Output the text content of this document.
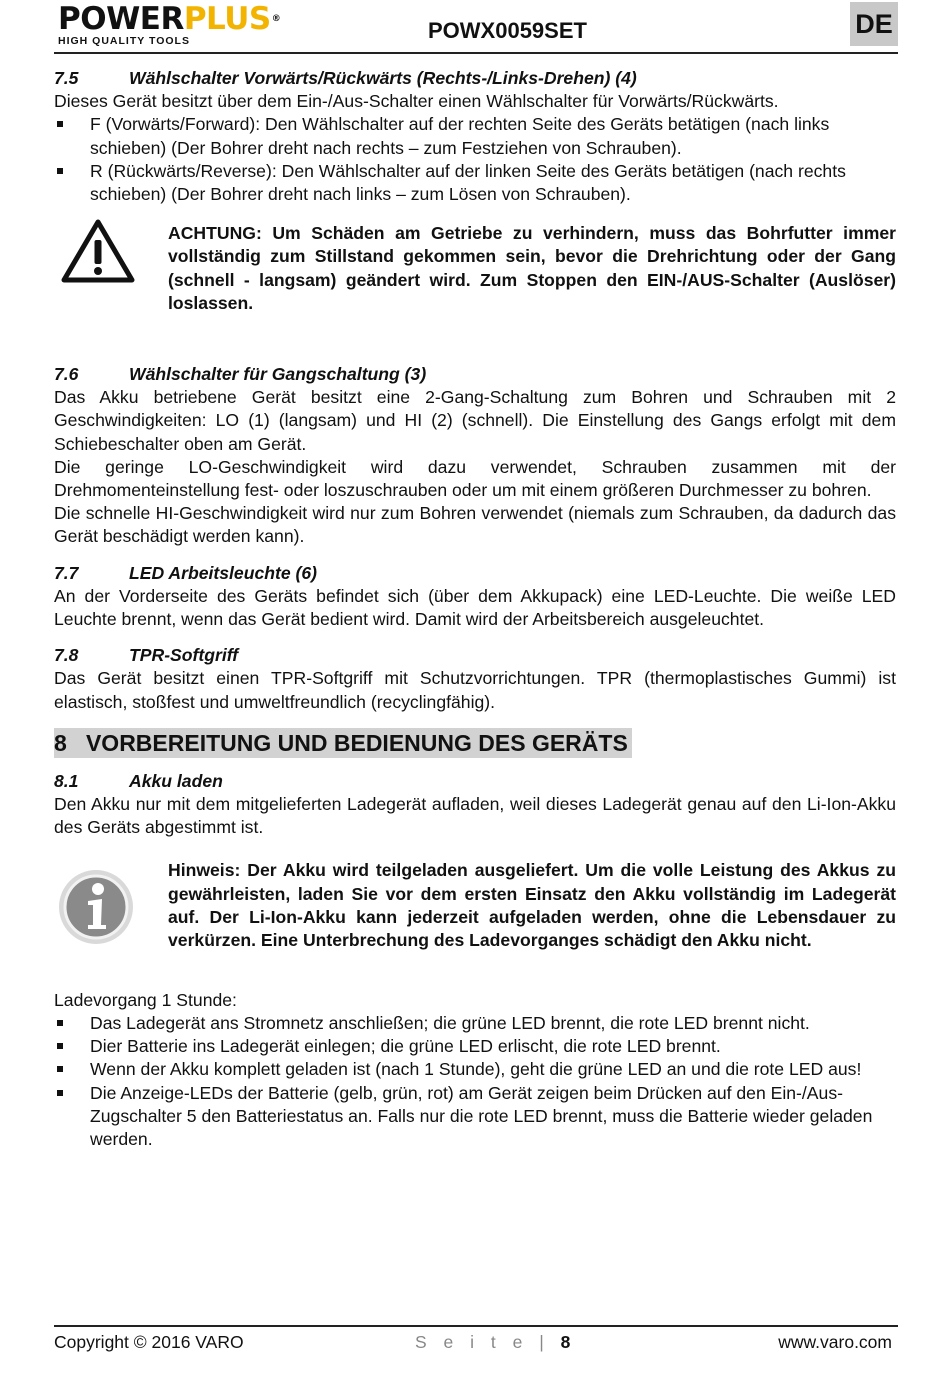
POWERPLUS®
HIGH QUALITY TOOLS	POWX0059SET	DE
7.5	Wählschalter Vorwärts/Rückwärts (Rechts-/Links-Drehen) (4)

Dieses Gerät besitzt über dem Ein-/Aus-Schalter einen Wählschalter für Vorwärts/Rückwärts.

F (Vorwärts/Forward): Den Wählschalter auf der rechten Seite des Geräts betätigen (nach links schieben) (Der Bohrer dreht nach rechts – zum Festziehen von Schrauben).
R (Rückwärts/Reverse): Den Wählschalter auf der linken Seite des Geräts betätigen (nach rechts schieben) (Der Bohrer dreht nach links – zum Lösen von Schrauben).
ACHTUNG: Um Schäden am Getriebe zu verhindern, muss das Bohrfutter immer vollständig zum Stillstand gekommen sein, bevor die Drehrichtung oder der Gang (schnell - langsam) geändert wird. Zum Stoppen den EIN-/AUS-Schalter (Auslöser) loslassen.
7.6	Wählschalter für Gangschaltung (3)

Das Akku betriebene Gerät besitzt eine 2-Gang-Schaltung zum Bohren und Schrauben mit 2 Geschwindigkeiten: LO (1) (langsam) und HI (2) (schnell). Die Einstellung des Gangs erfolgt mit dem Schiebeschalter oben am Gerät.

Die geringe LO-Geschwindigkeit wird dazu verwendet, Schrauben zusammen mit der Drehmomenteinstellung fest- oder loszuschrauben oder um mit einem größeren Durchmesser zu bohren.

Die schnelle HI-Geschwindigkeit wird nur zum Bohren verwendet (niemals zum Schrauben, da dadurch das Gerät beschädigt werden kann).

7.7	LED Arbeitsleuchte (6)

An der Vorderseite des Geräts befindet sich (über dem Akkupack) eine LED-Leuchte. Die weiße LED Leuchte brennt, wenn das Gerät bedient wird. Damit wird der Arbeitsbereich ausgeleuchtet.

7.8	TPR-Softgriff

Das Gerät besitzt einen TPR-Softgriff mit Schutzvorrichtungen. TPR (thermoplastisches Gummi) ist elastisch, stoßfest und umweltfreundlich (recyclingfähig).

8   VORBEREITUNG UND BEDIENUNG DES GERÄTS
8.1	Akku laden

Den Akku nur mit dem mitgelieferten Ladegerät aufladen, weil dieses Ladegerät genau auf den Li-Ion-Akku des Geräts abgestimmt ist.

Hinweis: Der Akku wird teilgeladen ausgeliefert. Um die volle Leistung des Akkus zu gewährleisten, laden Sie vor dem ersten Einsatz den Akku vollständig im Ladegerät auf. Der Li-Ion-Akku kann jederzeit aufgeladen werden, ohne die Lebensdauer zu verkürzen. Eine Unterbrechung des Ladevorganges schädigt den Akku nicht.

Ladevorgang 1 Stunde:

Das Ladegerät ans Stromnetz anschließen; die grüne LED brennt, die rote LED brennt nicht.
Dier Batterie ins Ladegerät einlegen; die grüne LED erlischt, die rote LED brennt.
Wenn der Akku komplett geladen ist (nach 1 Stunde), geht die grüne LED an und die rote LED aus!
Die Anzeige-LEDs der Batterie (gelb, grün, rot) am Gerät zeigen beim Drücken auf den Ein-/Aus-Zugschalter 5 den Batteriestatus an. Falls nur die rote LED brennt, muss die Batterie wieder geladen werden.
Copyright © 2016 VARO	S e i t e | 8	www.varo.com
